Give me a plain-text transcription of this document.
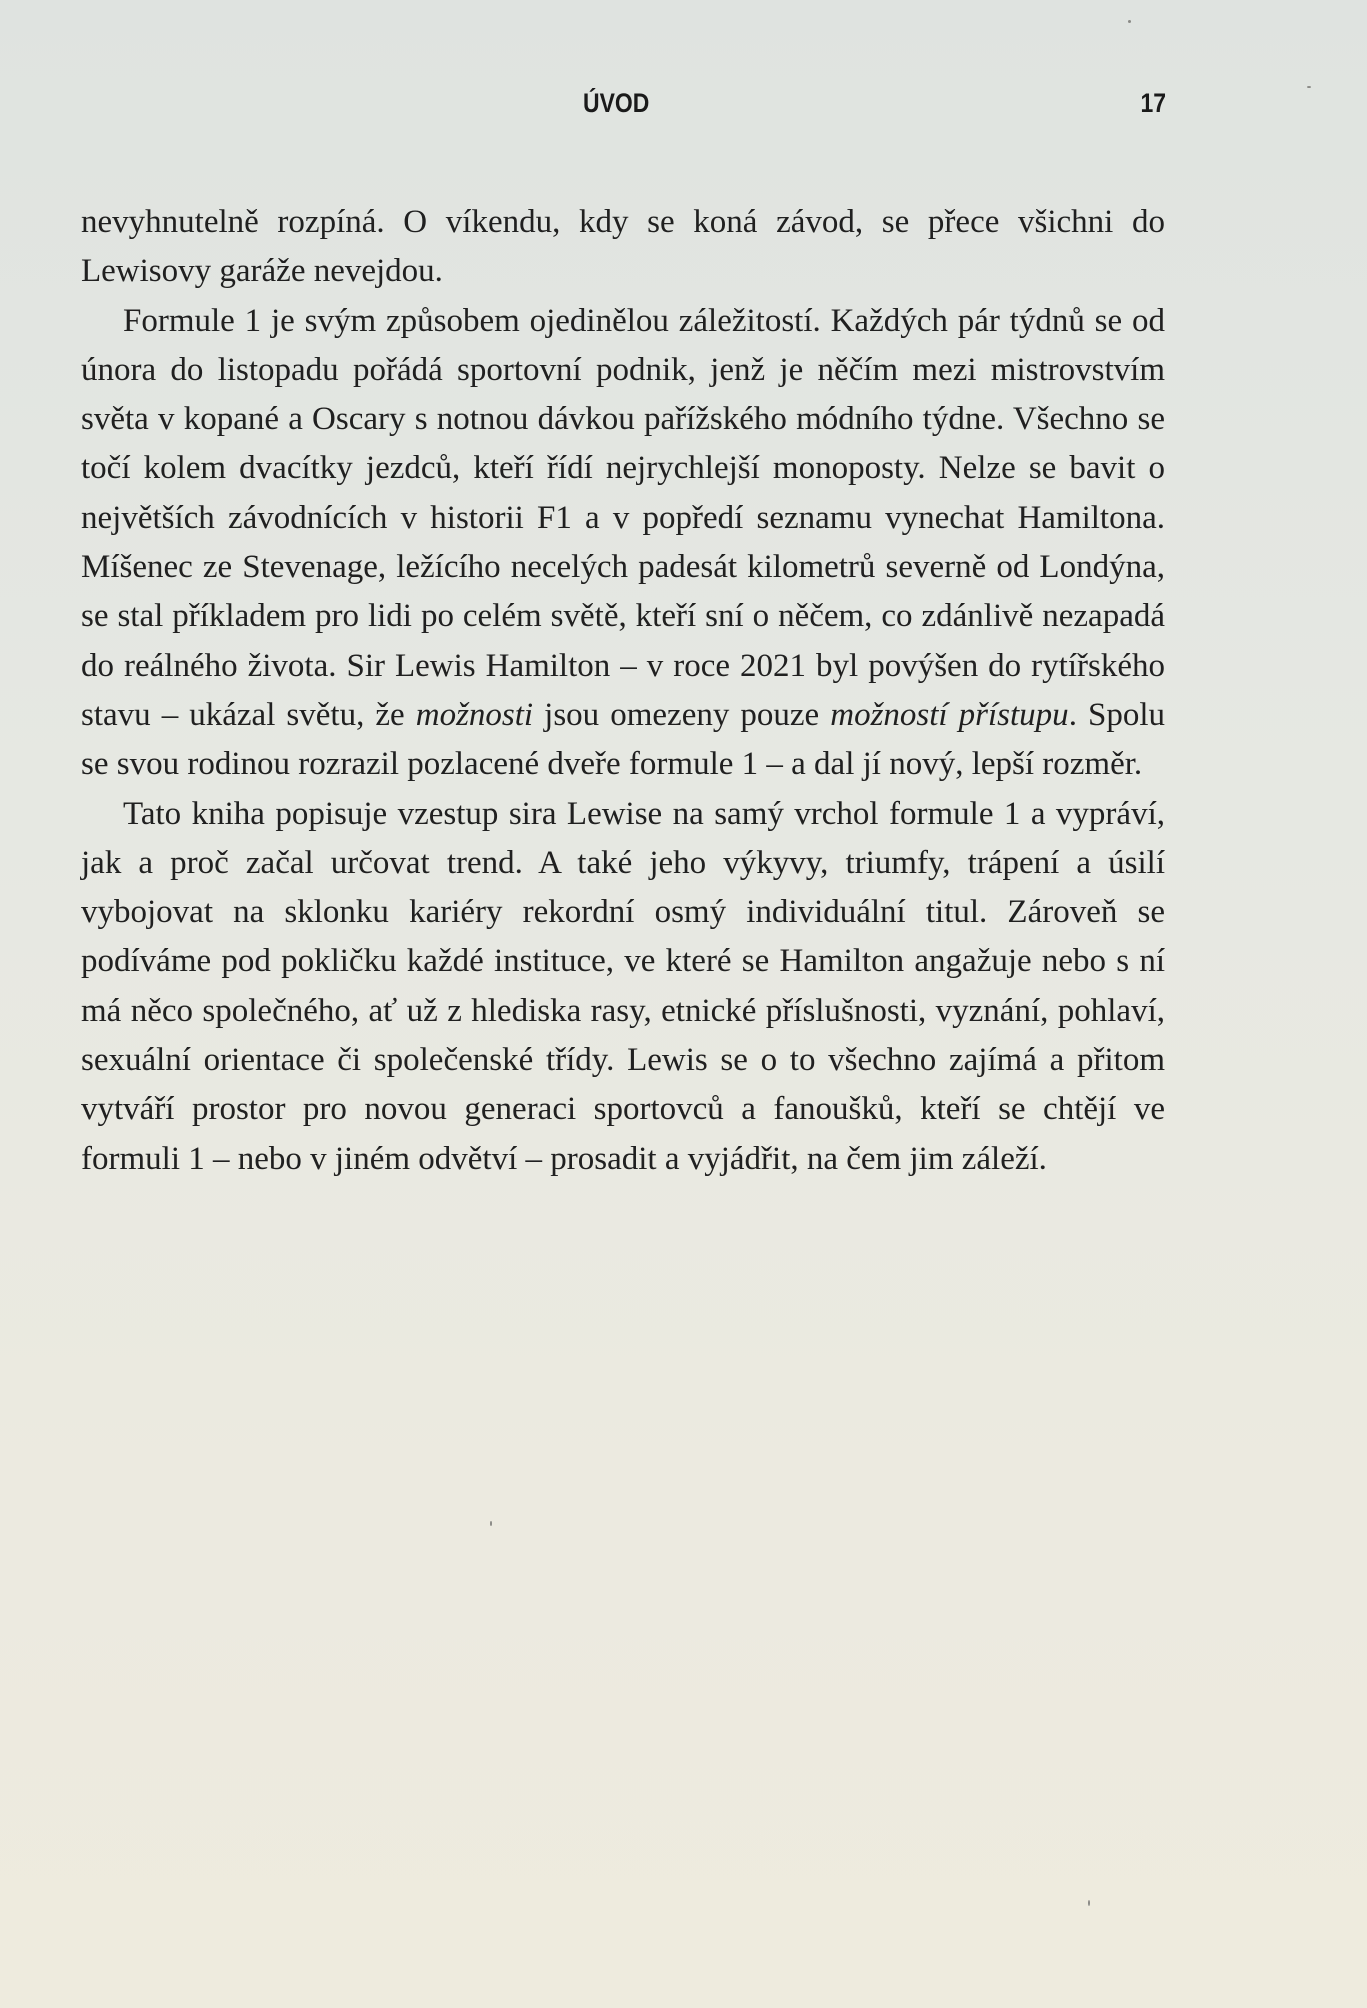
ÚVOD	17

nevyhnutelně rozpíná. O víkendu, kdy se koná závod, se přece všichni do Lewisovy garáže nevejdou.

Formule 1 je svým způsobem ojedinělou záležitostí. Každých pár týdnů se od února do listopadu pořádá sportovní podnik, jenž je něčím mezi mistrovstvím světa v kopané a Oscary s notnou dávkou pařížského módního týdne. Všechno se točí kolem dvacítky jezdců, kteří řídí nejrychlejší monoposty. Nelze se bavit o největších závodnících v historii F1 a v popředí seznamu vynechat Hamiltona. Míšenec ze Stevenage, ležícího necelých padesát kilometrů severně od Londýna, se stal příkladem pro lidi po celém světě, kteří sní o něčem, co zdánlivě nezapadá do reálného života. Sir Lewis Hamilton – v roce 2021 byl povýšen do rytířského stavu – ukázal světu, že možnosti jsou omezeny pouze možností přístupu. Spolu se svou rodinou rozrazil pozlacené dveře formule 1 – a dal jí nový, lepší rozměr.

Tato kniha popisuje vzestup sira Lewise na samý vrchol formule 1 a vypráví, jak a proč začal určovat trend. A také jeho výkyvy, triumfy, trápení a úsilí vybojovat na sklonku kariéry rekordní osmý individuální titul. Zároveň se podíváme pod pokličku každé instituce, ve které se Hamilton angažuje nebo s ní má něco společného, ať už z hlediska rasy, etnické příslušnosti, vyznání, pohlaví, sexuální orientace či společenské třídy. Lewis se o to všechno zajímá a přitom vytváří prostor pro novou generaci sportovců a fanoušků, kteří se chtějí ve formuli 1 – nebo v jiném odvětví – prosadit a vyjádřit, na čem jim záleží.
